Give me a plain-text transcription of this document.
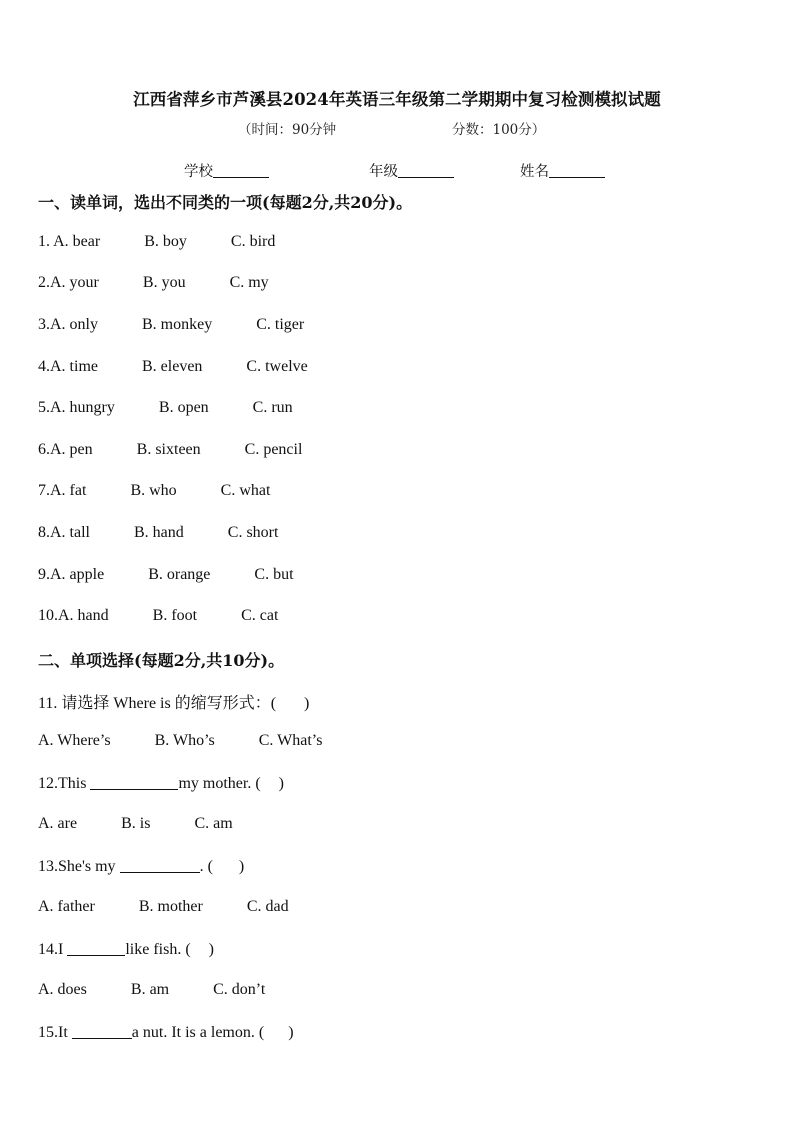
江西省萍乡市芦溪县2024年英语三年级第二学期期中复习检测模拟试题
（时间：90分钟	分数：100分）
学校	年级	姓名
一、读单词，选出不同类的一项(每题2分,共20分)。
1. A. bear	B. boy	C. bird
2.A. your	B. you	C. my
3.A. only	B. monkey	C. tiger
4.A. time	B. eleven	C. twelve
5.A. hungry	B. open	C. run
6.A. pen	B. sixteen	C. pencil
7.A. fat	B. who	C. what
8.A. tall	B. hand	C. short
9.A. apple	B. orange	C. but
10.A. hand	B. foot	C. cat
二、单项选择(每题2分,共10分)。
11. 请选择 Where is 的缩写形式：( )
A. Where’s	B. Who’s	C. What’s
12.This	my mother. ( )
A. are	B. is	C. am
13.She's my	. ( )
A. father	B. mother	C. dad
14.I	like fish. ( )
A. does	B. am	C. don’t
15.It	a nut. It is a lemon. ( )
